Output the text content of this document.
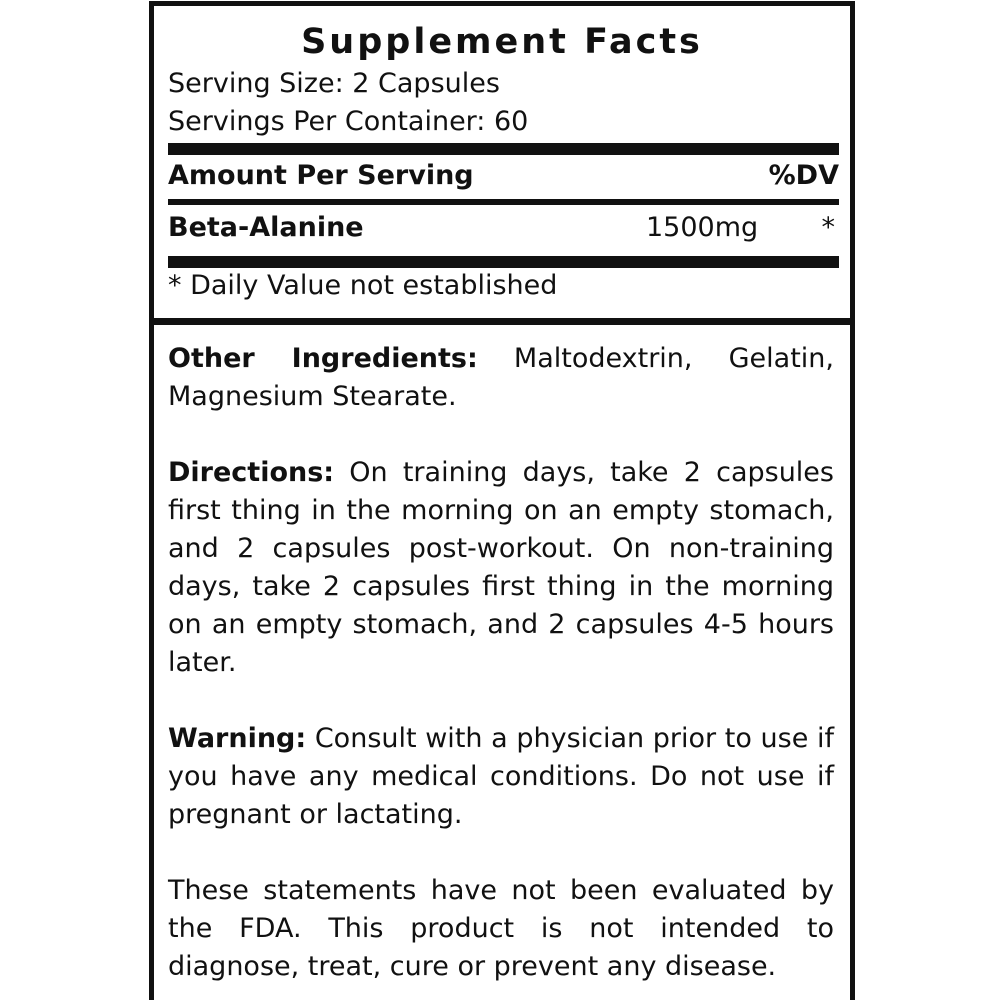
Supplement Facts
Serving Size: 2 Capsules
Servings Per Container: 60
Amount Per Serving	%DV
Beta-Alanine	1500mg *
* Daily Value not established

Other Ingredients: Maltodextrin, Gelatin, Magnesium Stearate.

Directions: On training days, take 2 capsules first thing in the morning on an empty stomach, and 2 capsules post-workout. On non-training days, take 2 capsules first thing in the morning on an empty stomach, and 2 capsules 4-5 hours later.

Warning: Consult with a physician prior to use if you have any medical conditions. Do not use if pregnant or lactating.

These statements have not been evaluated by the FDA. This product is not intended to diagnose, treat, cure or prevent any disease.
